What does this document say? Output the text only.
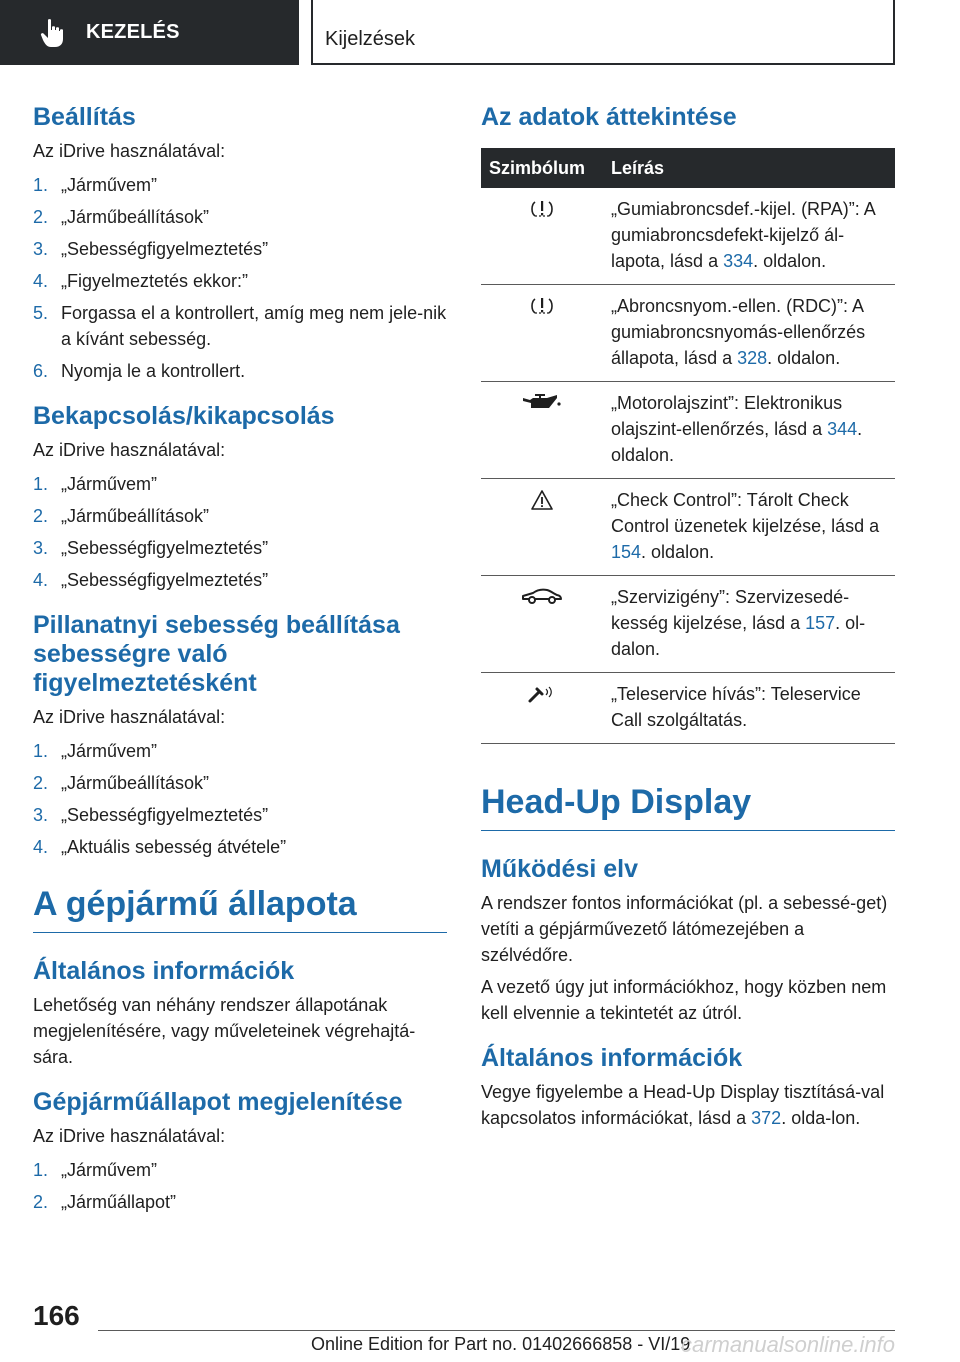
KEZELÉS	Kijelzések
Beállítás

Az iDrive használatával:

1. „Járművem”
2. „Járműbeállítások”
3. „Sebességfigyelmeztetés”
4. „Figyelmeztetés ekkor:”
5. Forgassa el a kontrollert, amíg meg nem jele-nik a kívánt sebesség.
6. Nyomja le a kontrollert.
Bekapcsolás/kikapcsolás

Az iDrive használatával:

1. „Járművem”
2. „Járműbeállítások”
3. „Sebességfigyelmeztetés”
4. „Sebességfigyelmeztetés”
Pillanatnyi sebesség beállítása sebességre való figyelmeztetésként

Az iDrive használatával:

1. „Járművem”
2. „Járműbeállítások”
3. „Sebességfigyelmeztetés”
4. „Aktuális sebesség átvétele”
A gépjármű állapota
Általános információk

Lehetőség van néhány rendszer állapotának megjelenítésére, vagy műveleteinek végrehajtá-sára.

Gépjárműállapot megjelenítése

Az iDrive használatával:

1. „Járművem”
2. „Járműállapot”
Az adatok áttekintése
Szimbólum	Leírás
	„Gumiabroncsdef.-kijel. (RPA)”: A gumiabroncsdefekt-kijelző ál-lapota, lásd a 334. oldalon.
	„Abroncsnyom.-ellen. (RDC)”: A gumiabroncsnyomás-ellenőrzés állapota, lásd a 328. oldalon.
	„Motorolajszint”: Elektronikus olajszint-ellenőrzés, lásd a 344. oldalon.
	„Check Control”: Tárolt Check Control üzenetek kijelzése, lásd a 154. oldalon.
	„Szervizigény”: Szervizesedé-kesség kijelzése, lásd a 157. ol-dalon.
	„Teleservice hívás”: Teleservice Call szolgáltatás.
Head-Up Display
Működési elv

A rendszer fontos információkat (pl. a sebessé-get) vetíti a gépjárművezető látómezejében a szélvédőre.

A vezető úgy jut információkhoz, hogy közben nem kell elvennie a tekintetét az útról.

Általános információk

Vegye figyelembe a Head-Up Display tisztításá-val kapcsolatos információkat, lásd a 372. olda-lon.

166
Online Edition for Part no. 01402666858 - VI/19
carmanualsonline.info
